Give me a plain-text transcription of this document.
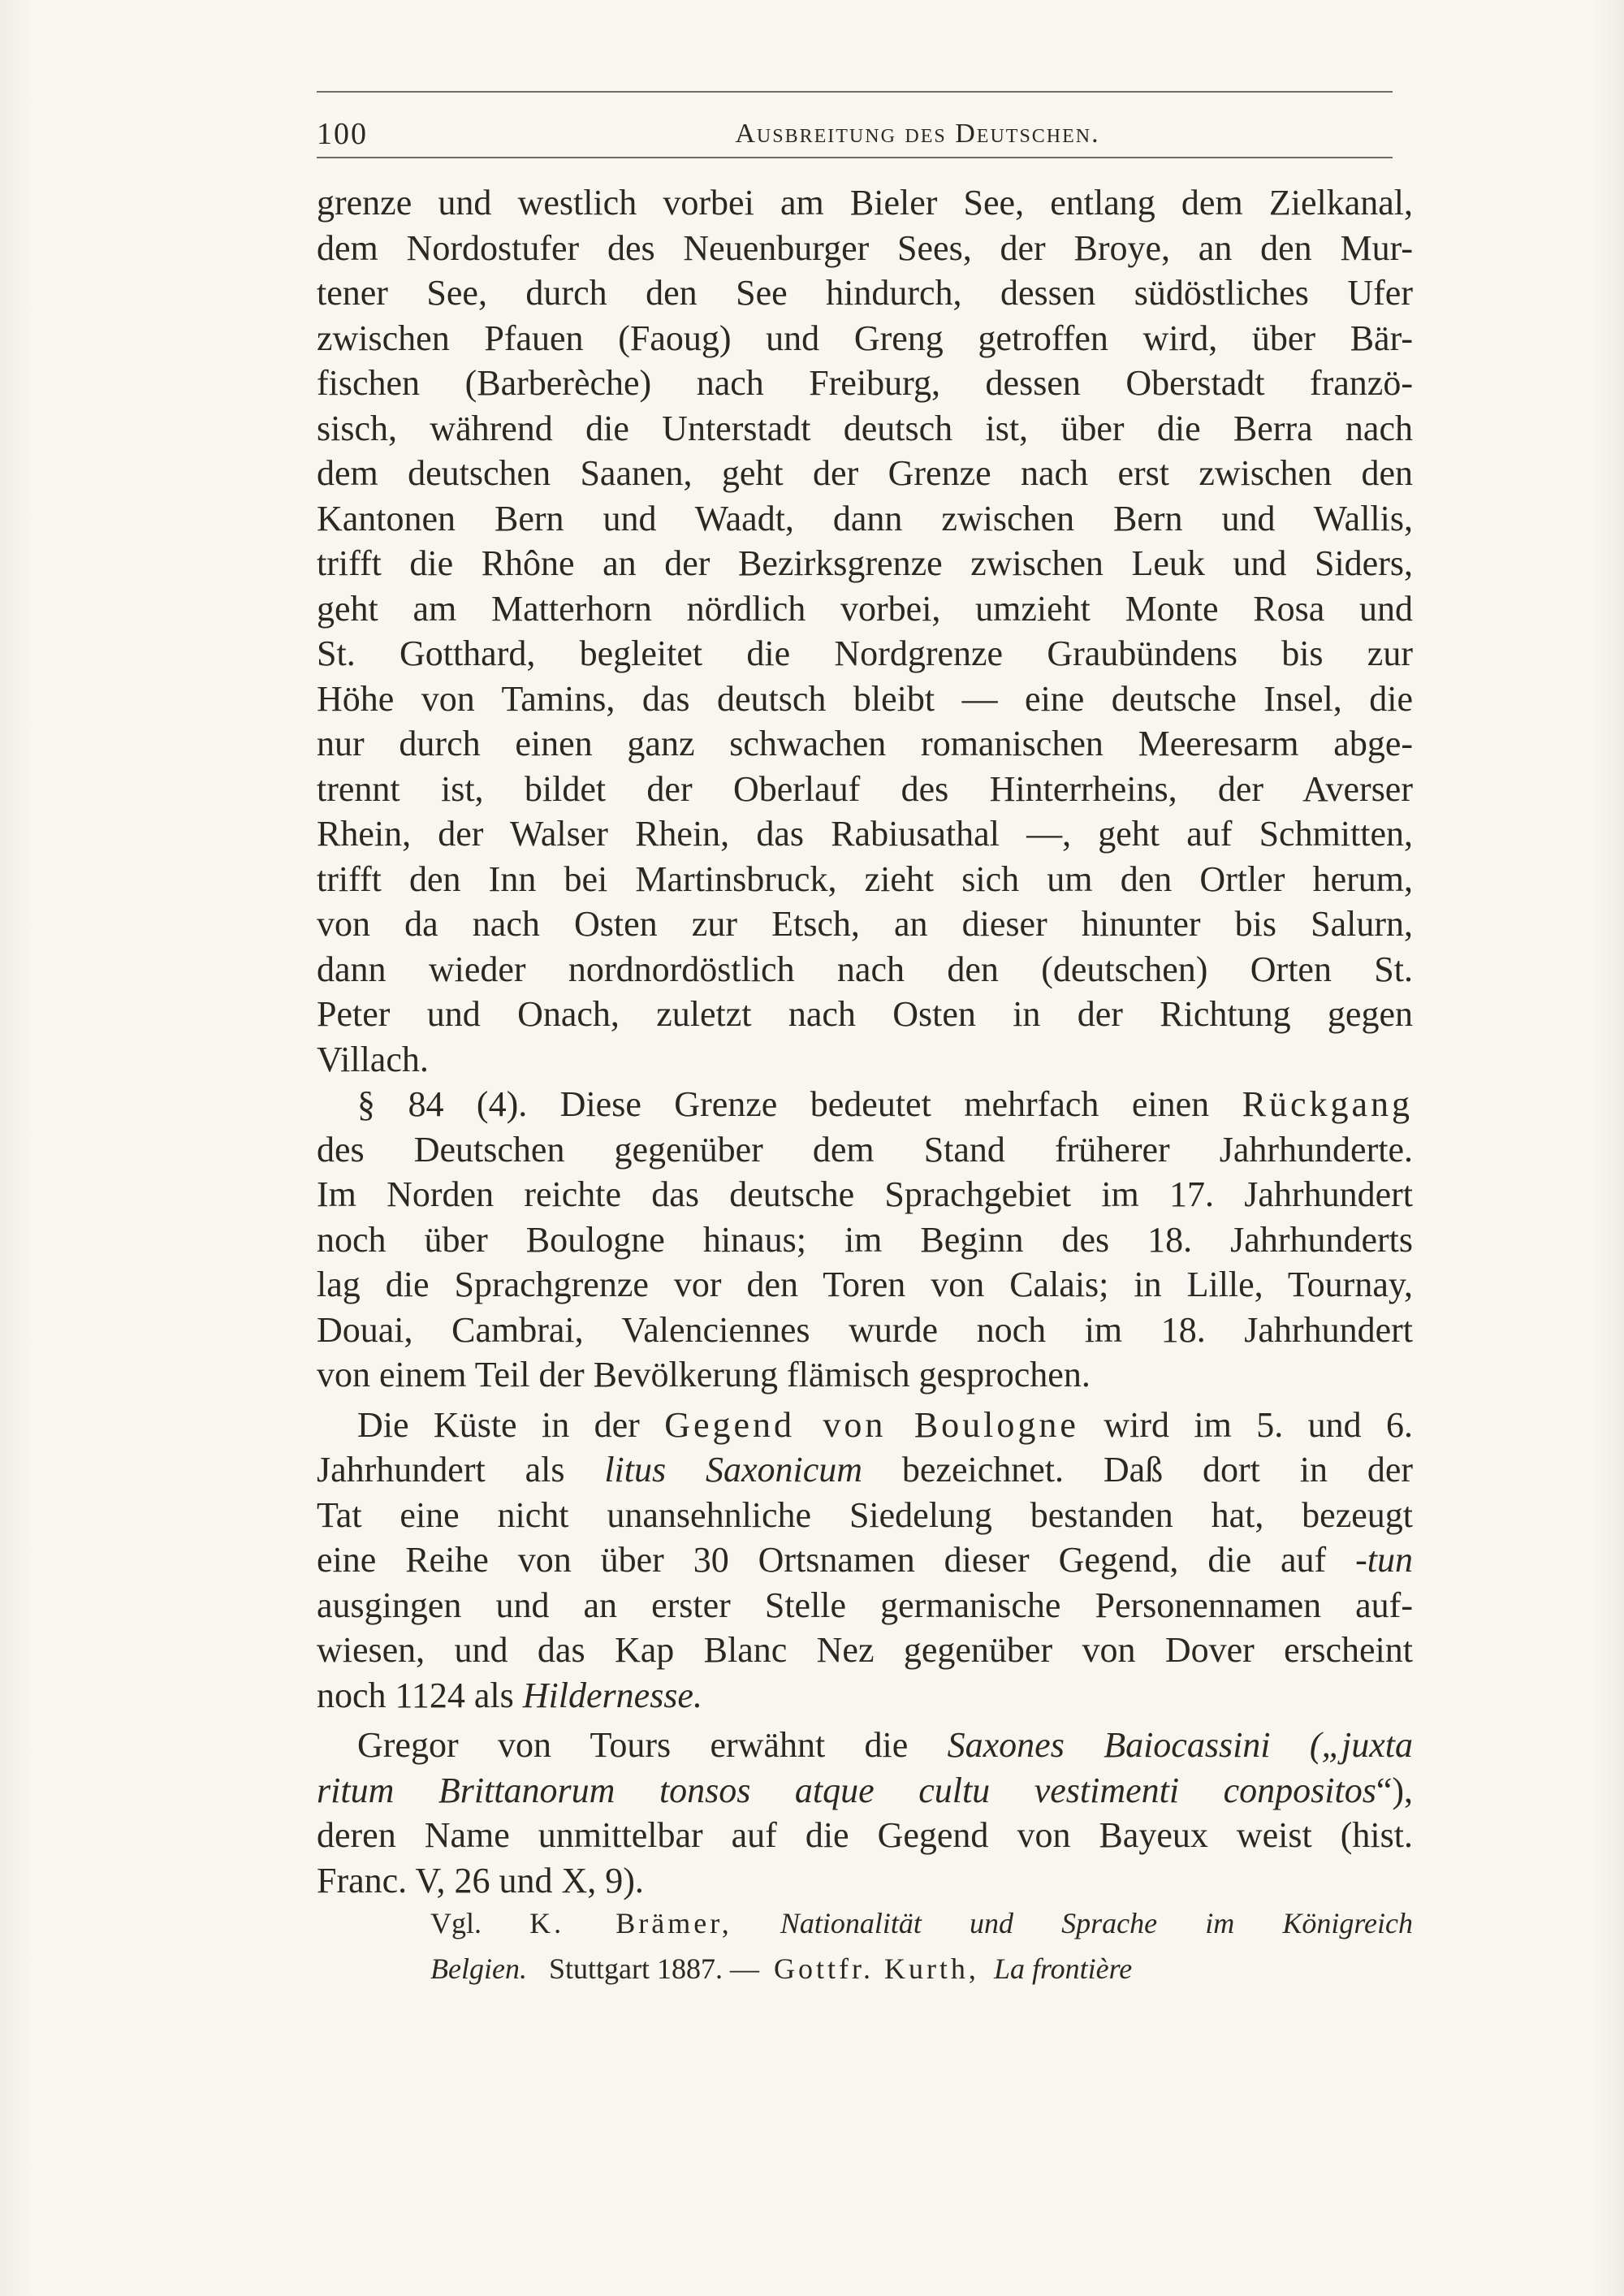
100	Ausbreitung des Deutschen.
grenze und westlich vorbei am Bieler See, entlang dem Zielkanal,
dem Nordostufer des Neuenburger Sees, der Broye, an den Mur-
tener See, durch den See hindurch, dessen südöstliches Ufer
zwischen Pfauen (Faoug) und Greng getroffen wird, über Bär-
fischen (Barberèche) nach Freiburg, dessen Oberstadt franzö-
sisch, während die Unterstadt deutsch ist, über die Berra nach
dem deutschen Saanen, geht der Grenze nach erst zwischen den
Kantonen Bern und Waadt, dann zwischen Bern und Wallis,
trifft die Rhône an der Bezirksgrenze zwischen Leuk und Siders,
geht am Matterhorn nördlich vorbei, umzieht Monte Rosa und
St. Gotthard, begleitet die Nordgrenze Graubündens bis zur
Höhe von Tamins, das deutsch bleibt — eine deutsche Insel, die
nur durch einen ganz schwachen romanischen Meeresarm abge-
trennt ist, bildet der Oberlauf des Hinterrheins, der Averser
Rhein, der Walser Rhein, das Rabiusathal —, geht auf Schmitten,
trifft den Inn bei Martinsbruck, zieht sich um den Ortler herum,
von da nach Osten zur Etsch, an dieser hinunter bis Salurn,
dann wieder nordnordöstlich nach den (deutschen) Orten St.
Peter und Onach, zuletzt nach Osten in der Richtung gegen
Villach.
§ 84 (4). Diese Grenze bedeutet mehrfach einen Rückgang
des Deutschen gegenüber dem Stand früherer Jahrhunderte.
Im Norden reichte das deutsche Sprachgebiet im 17. Jahrhundert
noch über Boulogne hinaus; im Beginn des 18. Jahrhunderts
lag die Sprachgrenze vor den Toren von Calais; in Lille, Tournay,
Douai, Cambrai, Valenciennes wurde noch im 18. Jahrhundert
von einem Teil der Bevölkerung flämisch gesprochen.
Die Küste in der Gegend von Boulogne wird im 5. und 6.
Jahrhundert als litus Saxonicum bezeichnet. Daß dort in der
Tat eine nicht unansehnliche Siedelung bestanden hat, bezeugt
eine Reihe von über 30 Ortsnamen dieser Gegend, die auf -tun
ausgingen und an erster Stelle germanische Personennamen auf-
wiesen, und das Kap Blanc Nez gegenüber von Dover erscheint
noch 1124 als Hildernesse.
Gregor von Tours erwähnt die Saxones Baiocassini („juxta
ritum Brittanorum tonsos atque cultu vestimenti conpositos“),
deren Name unmittelbar auf die Gegend von Bayeux weist (hist.
Franc. V, 26 und X, 9).
Vgl. K. Brämer, Nationalität und Sprache im Königreich
Belgien. Stuttgart 1887. — Gottfr. Kurth, La frontière
